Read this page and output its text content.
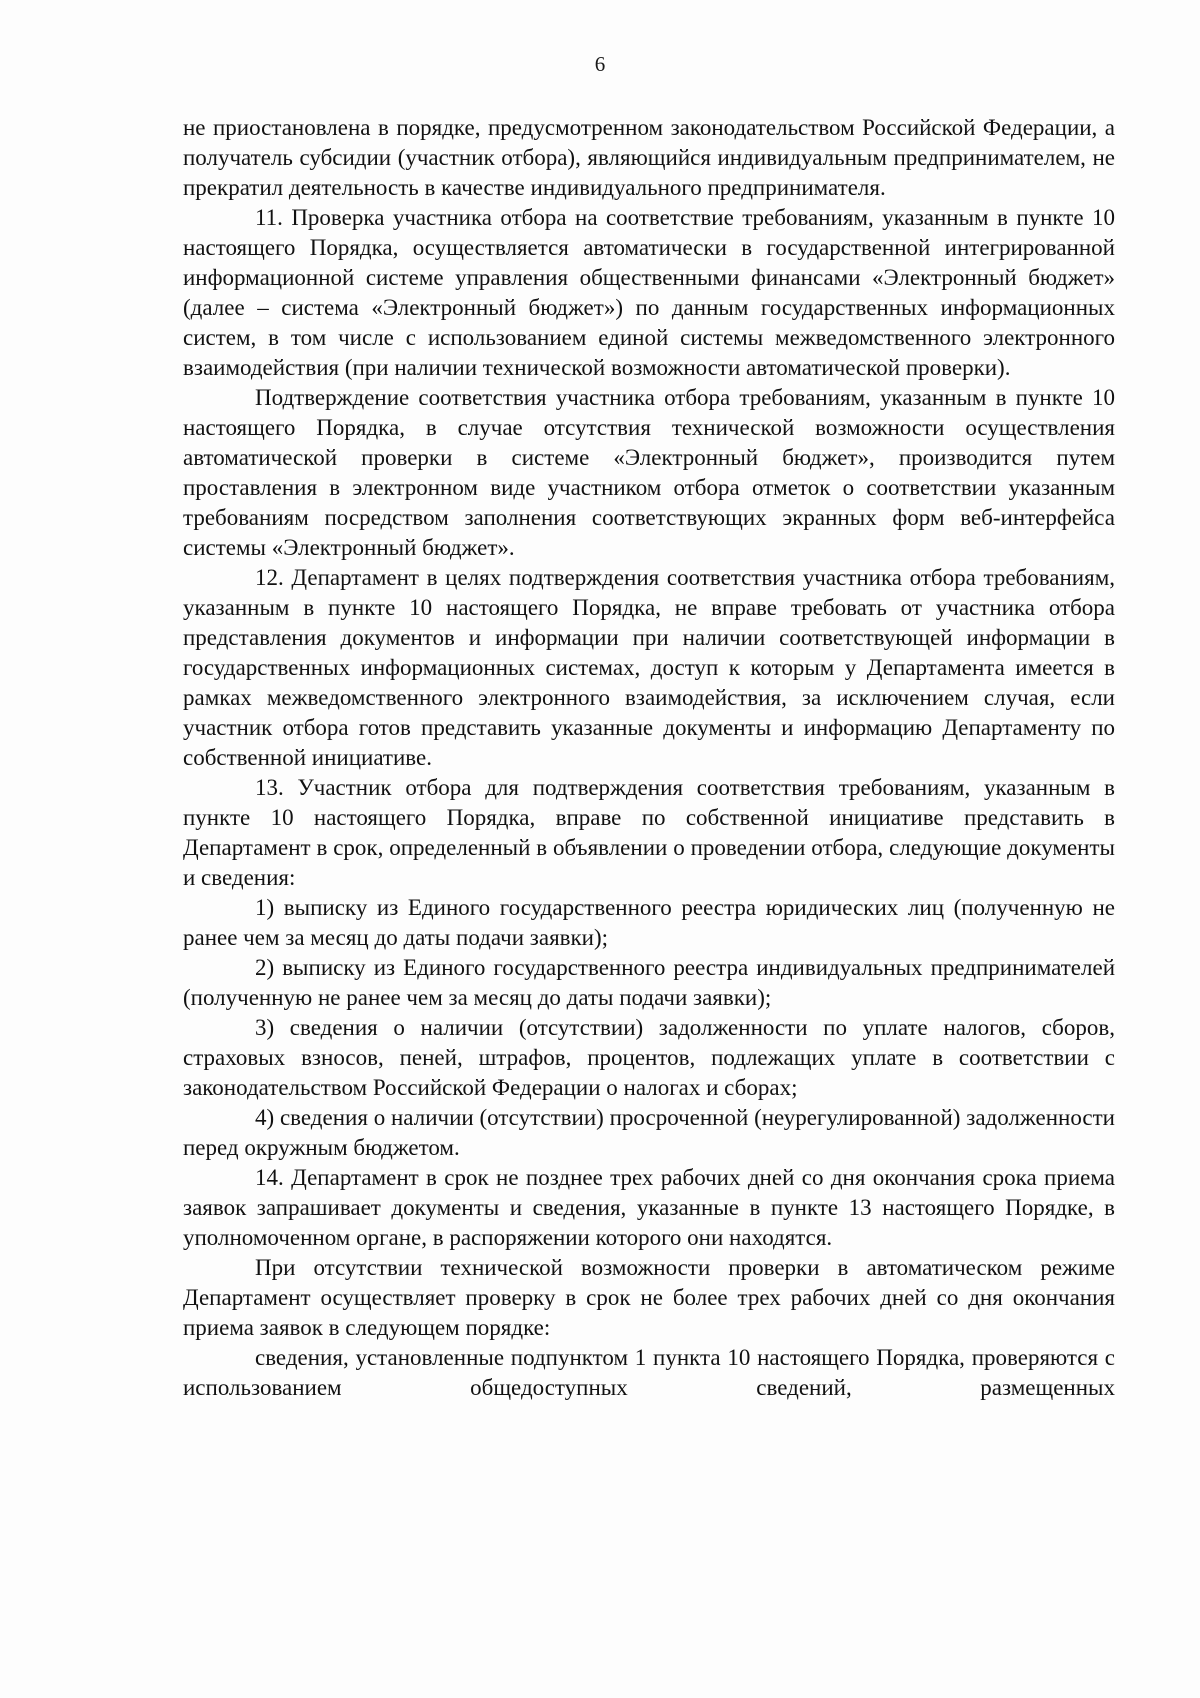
6

не приостановлена в порядке, предусмотренном законодательством Российской Федерации, а получатель субсидии (участник отбора), являющийся индивидуальным предпринимателем, не прекратил деятельность в качестве индивидуального предпринимателя.

11. Проверка участника отбора на соответствие требованиям, указанным в пункте 10 настоящего Порядка, осуществляется автоматически в государственной интегрированной информационной системе управления общественными финансами «Электронный бюджет» (далее – система «Электронный бюджет») по данным государственных информационных систем, в том числе с использованием единой системы межведомственного электронного взаимодействия (при наличии технической возможности автоматической проверки).

Подтверждение соответствия участника отбора требованиям, указанным в пункте 10 настоящего Порядка, в случае отсутствия технической возможности осуществления автоматической проверки в системе «Электронный бюджет», производится путем проставления в электронном виде участником отбора отметок о соответствии указанным требованиям посредством заполнения соответствующих экранных форм веб-интерфейса системы «Электронный бюджет».

12. Департамент в целях подтверждения соответствия участника отбора требованиям, указанным в пункте 10 настоящего Порядка, не вправе требовать от участника отбора представления документов и информации при наличии соответствующей информации в государственных информационных системах, доступ к которым у Департамента имеется в рамках межведомственного электронного взаимодействия, за исключением случая, если участник отбора готов представить указанные документы и информацию Департаменту по собственной инициативе.

13. Участник отбора для подтверждения соответствия требованиям, указанным в пункте 10 настоящего Порядка, вправе по собственной инициативе представить в Департамент в срок, определенный в объявлении о проведении отбора, следующие документы и сведения:

1) выписку из Единого государственного реестра юридических лиц (полученную не ранее чем за месяц до даты подачи заявки);

2) выписку из Единого государственного реестра индивидуальных предпринимателей (полученную не ранее чем за месяц до даты подачи заявки);

3) сведения о наличии (отсутствии) задолженности по уплате налогов, сборов, страховых взносов, пеней, штрафов, процентов, подлежащих уплате в соответствии с законодательством Российской Федерации о налогах и сборах;

4) сведения о наличии (отсутствии) просроченной (неурегулированной) задолженности перед окружным бюджетом.

14. Департамент в срок не позднее трех рабочих дней со дня окончания срока приема заявок запрашивает документы и сведения, указанные в пункте 13 настоящего Порядке, в уполномоченном органе, в распоряжении которого они находятся.

При отсутствии технической возможности проверки в автоматическом режиме Департамент осуществляет проверку в срок не более трех рабочих дней со дня окончания приема заявок в следующем порядке:

сведения, установленные подпунктом 1 пункта 10 настоящего Порядка, проверяются с использованием общедоступных сведений, размещенных
